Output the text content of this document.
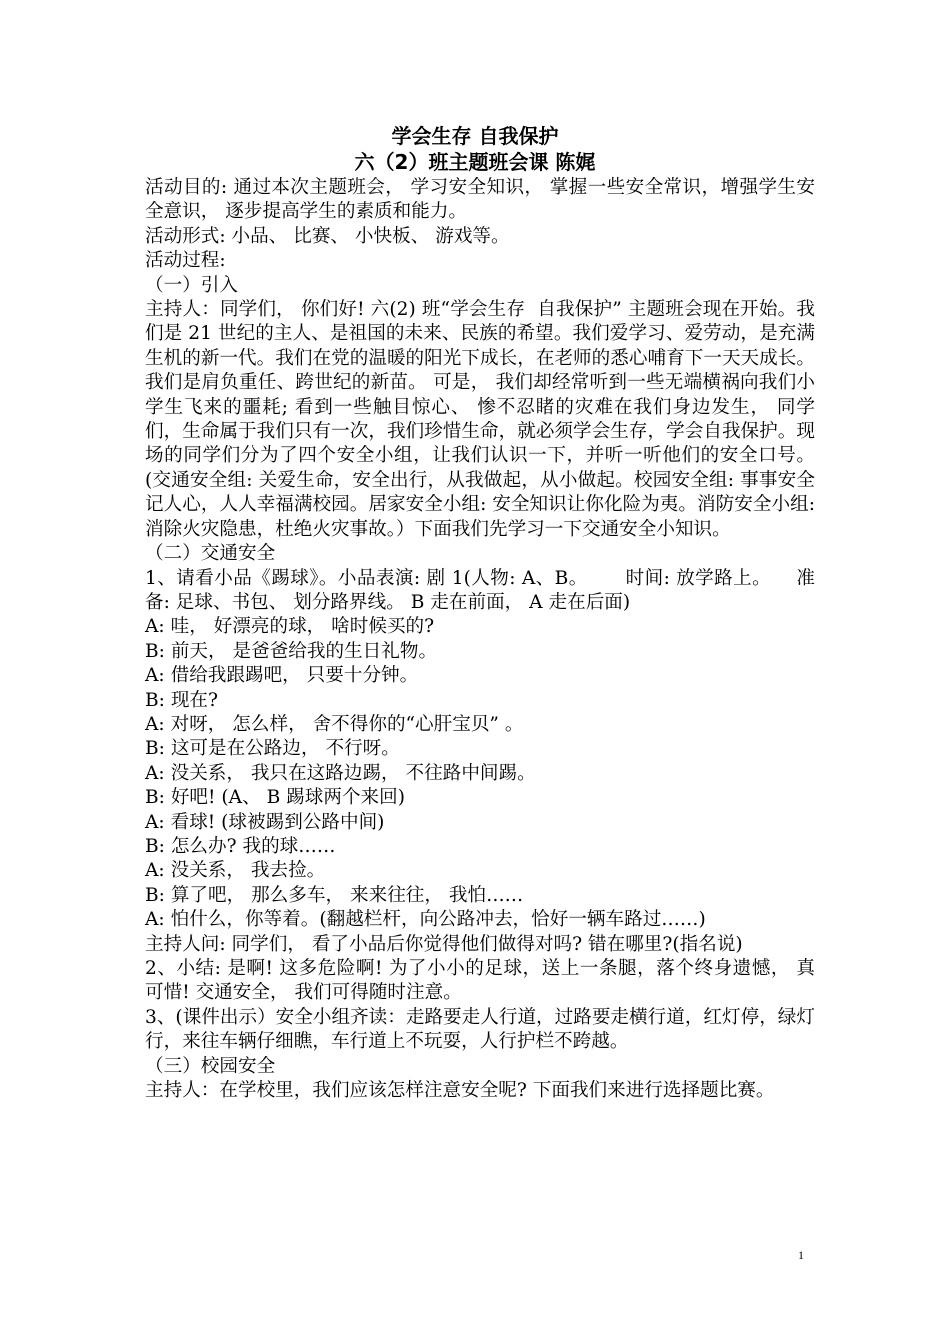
学会生存 自我保护
六（2）班主题班会课 陈娓

活动目的: 通过本次主题班会， 学习安全知识， 掌握一些安全常识，增强学生安全意识， 逐步提高学生的素质和能力。

活动形式: 小品、 比赛、 小快板、 游戏等。

活动过程:

（一）引入

主持人：同学们， 你们好! 六(2) 班“学会生存  自我保护” 主题班会现在开始。我们是 21 世纪的主人、是祖国的未来、民族的希望。我们爱学习、爱劳动，是充满生机的新一代。我们在党的温暖的阳光下成长，在老师的悉心哺育下一天天成长。我们是肩负重任、跨世纪的新苗。 可是， 我们却经常听到一些无端横祸向我们小学生飞来的噩耗; 看到一些触目惊心、 惨不忍睹的灾难在我们身边发生， 同学们，生命属于我们只有一次，我们珍惜生命，就必须学会生存，学会自我保护。现场的同学们分为了四个安全小组，让我们认识一下，并听一听他们的安全口号。(交通安全组: 关爱生命，安全出行，从我做起，从小做起。校园安全组: 事事安全记人心，人人幸福满校园。居家安全小组: 安全知识让你化险为夷。消防安全小组: 消除火灾隐患，杜绝火灾事故。）下面我们先学习一下交通安全小知识。

（二）交通安全

1、请看小品《踢球》。小品表演: 剧 1(人物: A、B。      时间: 放学路上。    准备: 足球、书包、 划分路界线。 B 走在前面， A 走在后面)

A: 哇， 好漂亮的球， 啥时候买的?

B: 前天， 是爸爸给我的生日礼物。

A: 借给我跟踢吧， 只要十分钟。

B: 现在?

A: 对呀， 怎么样， 舍不得你的“心肝宝贝” 。

B: 这可是在公路边， 不行呀。

A: 没关系， 我只在这路边踢， 不往路中间踢。

B: 好吧! (A、 B 踢球两个来回)

A: 看球! (球被踢到公路中间)

B: 怎么办? 我的球……

A: 没关系， 我去捡。

B: 算了吧， 那么多车， 来来往往， 我怕……

A: 怕什么，你等着。(翻越栏杆，向公路冲去，恰好一辆车路过……)

主持人问: 同学们， 看了小品后你觉得他们做得对吗? 错在哪里?(指名说)

2、小结: 是啊! 这多危险啊! 为了小小的足球，送上一条腿，落个终身遗憾， 真可惜! 交通安全， 我们可得随时注意。

3、(课件出示）安全小组齐读：走路要走人行道，过路要走横行道，红灯停，绿灯行，来往车辆仔细瞧，车行道上不玩耍，人行护栏不跨越。

（三）校园安全

主持人：在学校里，我们应该怎样注意安全呢? 下面我们来进行选择题比赛。

1
